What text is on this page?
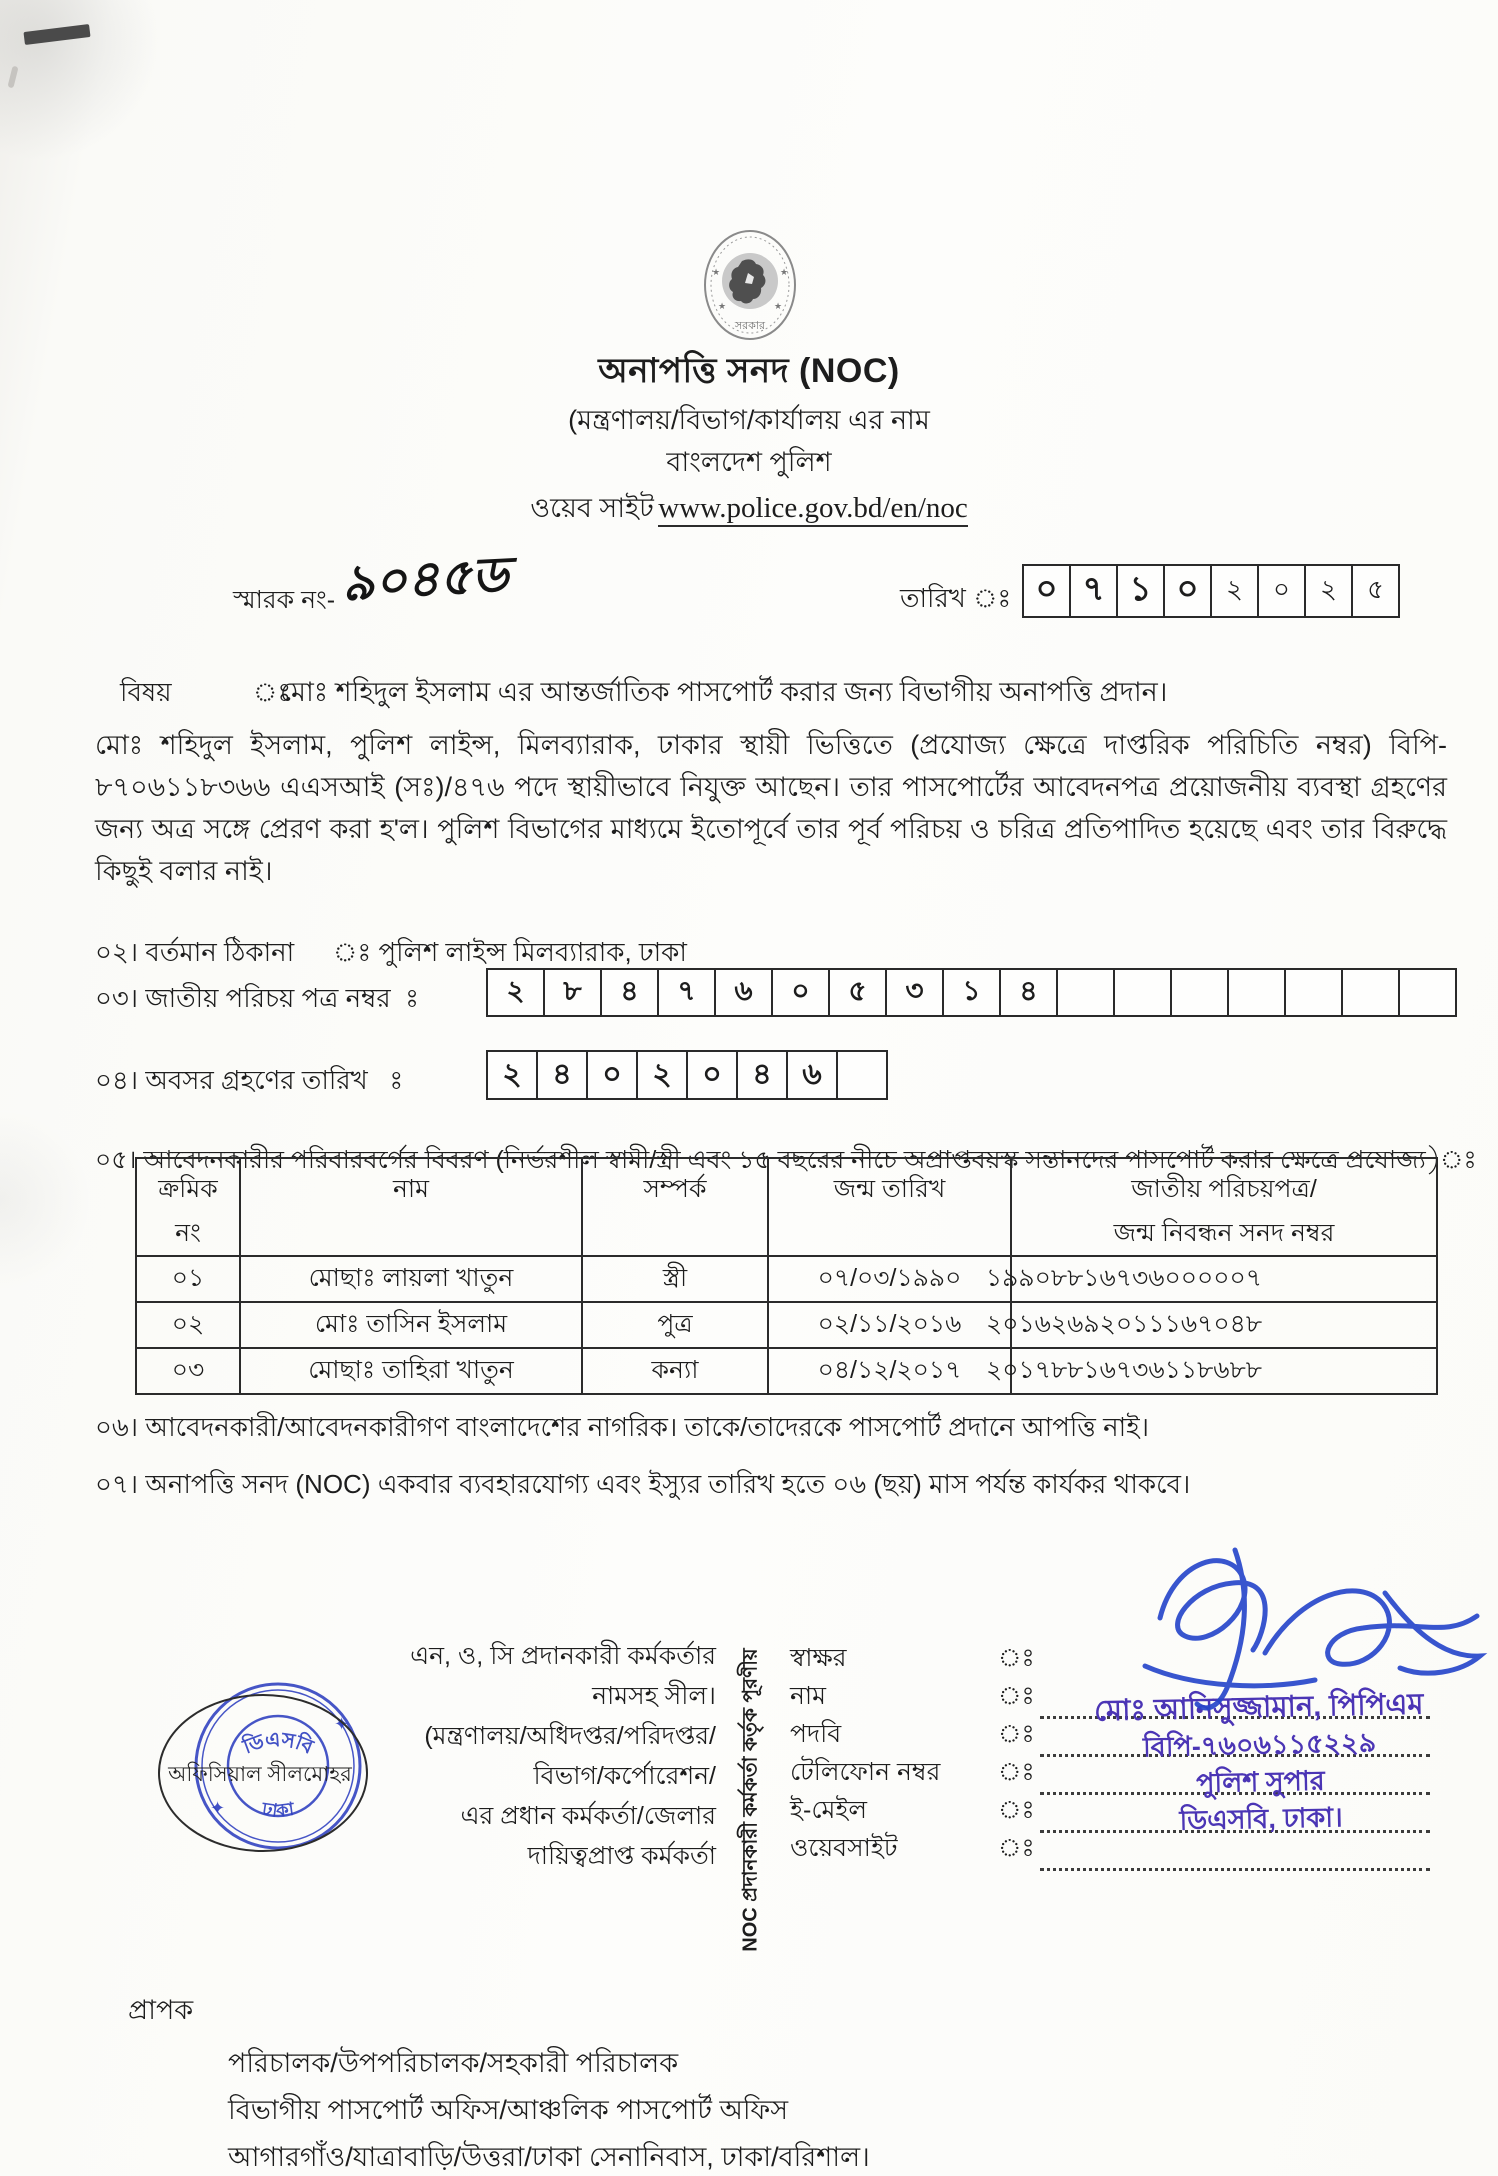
★	★
★	★
সরকার
অনাপত্তি সনদ (NOC)
(মন্ত্রণালয়/বিভাগ/কার্যালয় এর নাম
বাংলদেশ পুলিশ
ওয়েব সাইট www.police.gov.bd/en/noc
স্মারক নং- ৯০৪৫ড	তারিখ ঃ ০ ৭ ১ ০	২	০	২	৫
বিষয়	ঃ
মোঃ শহিদুল ইসলাম এর আন্তর্জাতিক পাসপোর্ট করার জন্য বিভাগীয় অনাপত্তি প্রদান।
মোঃ শহিদুল ইসলাম, পুলিশ লাইন্স, মিলব্যারাক, ঢাকার স্থায়ী ভিত্তিতে (প্রযোজ্য ক্ষেত্রে দাপ্তরিক পরিচিতি নম্বর) বিপি- ৮৭০৬১১৮৩৬৬ এএসআই (সঃ)/৪৭৬ পদে স্থায়ীভাবে নিযুক্ত আছেন। তার পাসপোর্টের আবেদনপত্র প্রয়োজনীয় ব্যবস্থা গ্রহণের জন্য অত্র সঙ্গে প্রেরণ করা হ'ল। পুলিশ বিভাগের মাধ্যমে ইতোপূর্বে তার পূর্ব পরিচয় ও চরিত্র প্রতিপাদিত হয়েছে এবং তার বিরুদ্ধে কিছুই বলার নাই।
০২। বর্তমান ঠিকানা ঃ পুলিশ লাইন্স মিলব্যারাক, ঢাকা
০৩। জাতীয় পরিচয় পত্র নম্বর	২	৮	৪	৭	৬	০	৫	৩	১	৪
০৪। অবসর গ্রহণের তারিখ	২	৪	০	২	০	৪	৬
০৫। আবেদনকারীর পরিবারবর্গের বিবরণ (নির্ভরশীল স্বামী/স্ত্রী এবং ১৫ বছরের নীচে অপ্রাপ্তবয়স্ক সন্তানদের পাসপোর্ট করার ক্ষেত্রে প্রযোজ্য)ঃ
ক্রমিক
নং

নাম	সম্পর্ক	জন্ম তারিখ	জাতীয় পরিচয়পত্র/
জন্ম নিবন্ধন সনদ নম্বর

০১	মোছাঃ লায়লা খাতুন	স্ত্রী	০৭/০৩/১৯৯০	১৯৯০৮৮১৬৭৩৬০০০০০৭
০২	মোঃ তাসিন ইসলাম	পুত্র	০২/১১/২০১৬	২০১৬২৬৯২০১১১৬৭০৪৮
০৩	মোছাঃ তাহিরা খাতুন	কন্যা	০৪/১২/২০১৭	২০১৭৮৮১৬৭৩৬১১৮৬৮৮
০৬। আবেদনকারী/আবেদনকারীগণ বাংলাদেশের নাগরিক। তাকে/তাদেরকে পাসপোর্ট প্রদানে আপত্তি নাই।
০৭। অনাপত্তি সনদ (NOC) একবার ব্যবহারযোগ্য এবং ইস্যুর তারিখ হতে ০৬ (ছয়) মাস পর্যন্ত কার্যকর থাকবে।
এন, ও, সি প্রদানকারী কর্মকর্তার
নামসহ সীল।
(মন্ত্রণালয়/অধিদপ্তর/পরিদপ্তর/
বিভাগ/কর্পোরেশন/
এর প্রধান কর্মকর্তা/জেলার
দায়িত্বপ্রাপ্ত কর্মকর্তা NOC প্রদানকারী কর্মকর্তা কর্তৃক পূরণীয়
ডিএসবি
ঢাকা
✦
✦
অফিসিয়াল সীলমোহর
স্বাক্ষর	ঃ
নাম	ঃ
পদবি	ঃ
টেলিফোন নম্বর	ঃ
ই-মেইল	ঃ
ওয়েবসাইট	ঃ
মোঃ আনিসুজ্জামান, পিপিএম
বিপি-৭৬০৬১১৫২২৯
পুলিশ সুপার
ডিএসবি, ঢাকা।
প্রাপক
পরিচালক/উপপরিচালক/সহকারী পরিচালক
বিভাগীয় পাসপোর্ট অফিস/আঞ্চলিক পাসপোর্ট অফিস
আগারগাঁও/যাত্রাবাড়ি/উত্তরা/ঢাকা সেনানিবাস, ঢাকা/বরিশাল।
